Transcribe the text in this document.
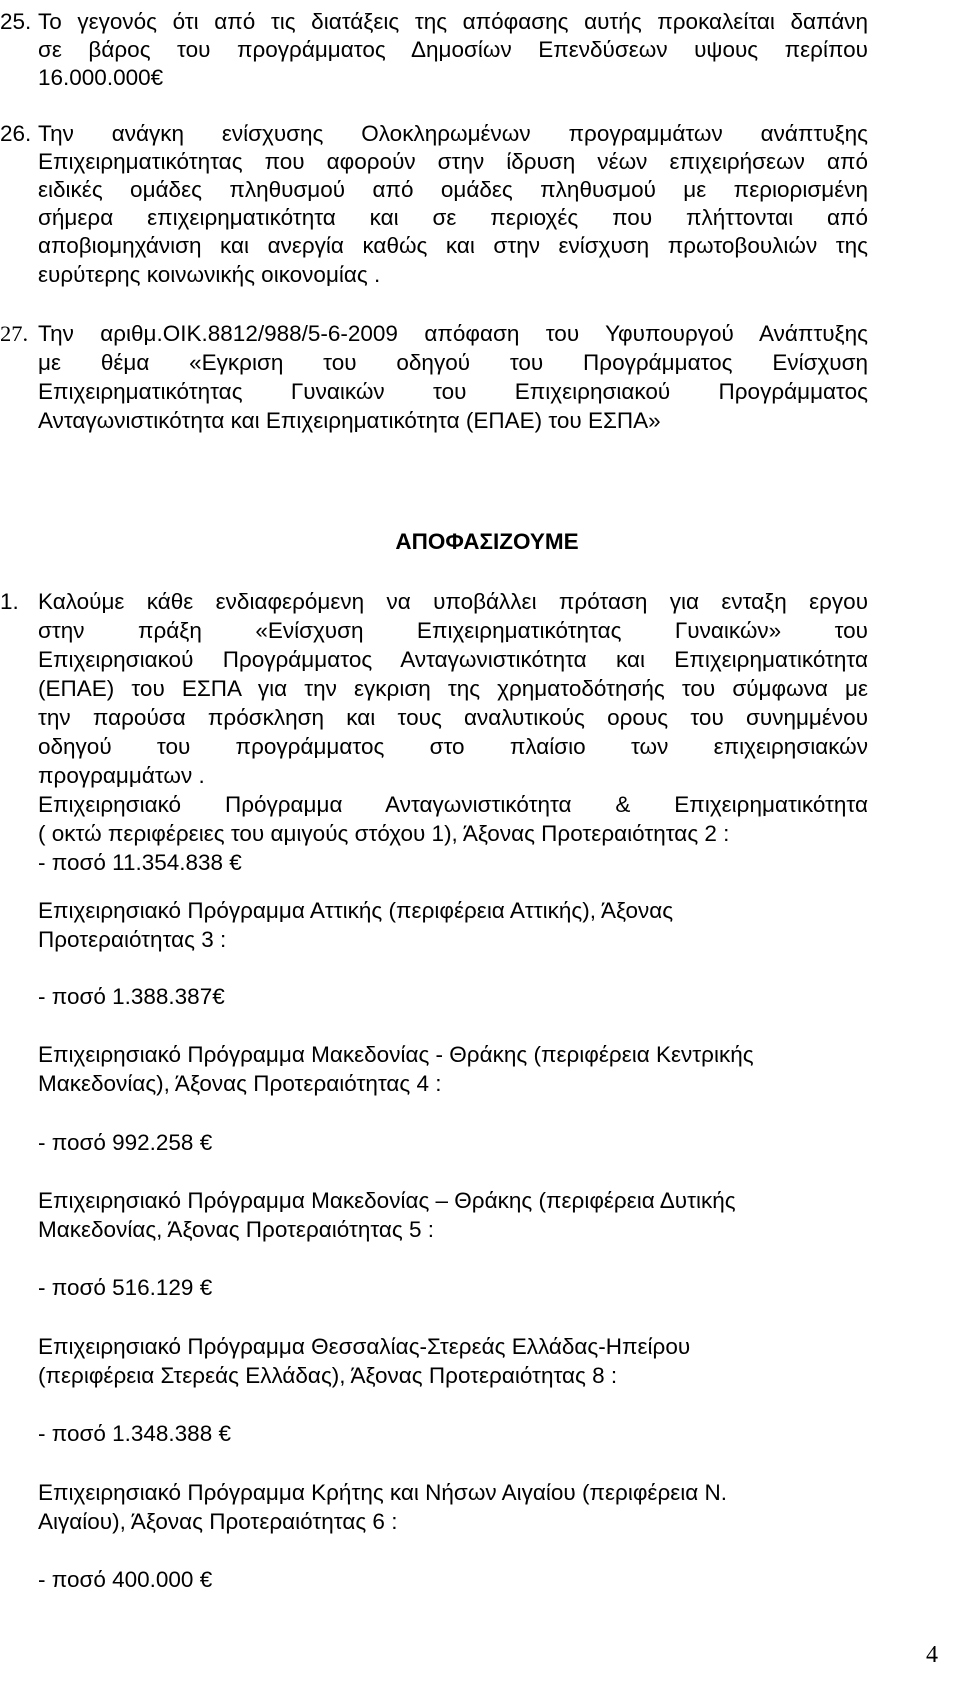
25. Το γεγονός ότι από τις διατάξεις της απόφασης αυτής προκαλείται δαπάνη
σε βάρος του προγράμματος Δημοσίων Επενδύσεων υψους περίπου
16.000.000€
26. Την ανάγκη ενίσχυσης Ολοκληρωμένων προγραμμάτων ανάπτυξης
Επιχειρηματικότητας που αφορούν στην ίδρυση νέων επιχειρήσεων από
ειδικές ομάδες πληθυσμού από ομάδες πληθυσμού με περιορισμένη
σήμερα επιχειρηματικότητα και σε περιοχές που πλήττονται από
αποβιομηχάνιση και ανεργία καθώς και στην ενίσχυση πρωτοβουλιών της
ευρύτερης κοινωνικής οικονομίας .
27. Την αριθμ.ΟΙΚ.8812/988/5-6-2009 απόφαση του Υφυπουργού Ανάπτυξης
με θέμα «Εγκριση του οδηγού του Προγράμματος Ενίσχυση
Επιχειρηματικότητας Γυναικών του Επιχειρησιακού Προγράμματος
Ανταγωνιστικότητα και Επιχειρηματικότητα (ΕΠΑΕ) του ΕΣΠΑ»
ΑΠΟΦΑΣΙΖΟΥΜΕ
1. Καλούμε κάθε ενδιαφερόμενη να υποβάλλει πρόταση για ενταξη εργου
στην πράξη «Ενίσχυση Επιχειρηματικότητας Γυναικών» του
Επιχειρησιακού Προγράμματος Ανταγωνιστικότητα και Επιχειρηματικότητα
(ΕΠΑΕ) του ΕΣΠΑ για την εγκριση της χρηματοδότησής του σύμφωνα με
την παρούσα πρόσκληση και τους αναλυτικούς ορους του συνημμένου
οδηγού του προγράμματος στο πλαίσιο των επιχειρησιακών
προγραμμάτων .
Επιχειρησιακό Πρόγραμμα Ανταγωνιστικότητα & Επιχειρηματικότητα
( οκτώ περιφέρειες του αμιγούς στόχου 1), Άξονας Προτεραιότητας 2 :
- ποσό 11.354.838 €
Επιχειρησιακό Πρόγραμμα Αττικής (περιφέρεια Αττικής), Άξονας
Προτεραιότητας 3 :
- ποσό 1.388.387€
Επιχειρησιακό Πρόγραμμα Μακεδονίας - Θράκης (περιφέρεια Κεντρικής
Μακεδονίας), Άξονας Προτεραιότητας 4 :
- ποσό 992.258 €
Επιχειρησιακό Πρόγραμμα Μακεδονίας – Θράκης (περιφέρεια Δυτικής
Μακεδονίας, Άξονας Προτεραιότητας 5 :
- ποσό 516.129 €
Επιχειρησιακό Πρόγραμμα Θεσσαλίας-Στερεάς Ελλάδας-Ηπείρου
(περιφέρεια Στερεάς Ελλάδας), Άξονας Προτεραιότητας 8 :
- ποσό 1.348.388 €
Επιχειρησιακό Πρόγραμμα Κρήτης και Νήσων Αιγαίου (περιφέρεια Ν.
Αιγαίου), Άξονας Προτεραιότητας 6 :
- ποσό 400.000 €
4
